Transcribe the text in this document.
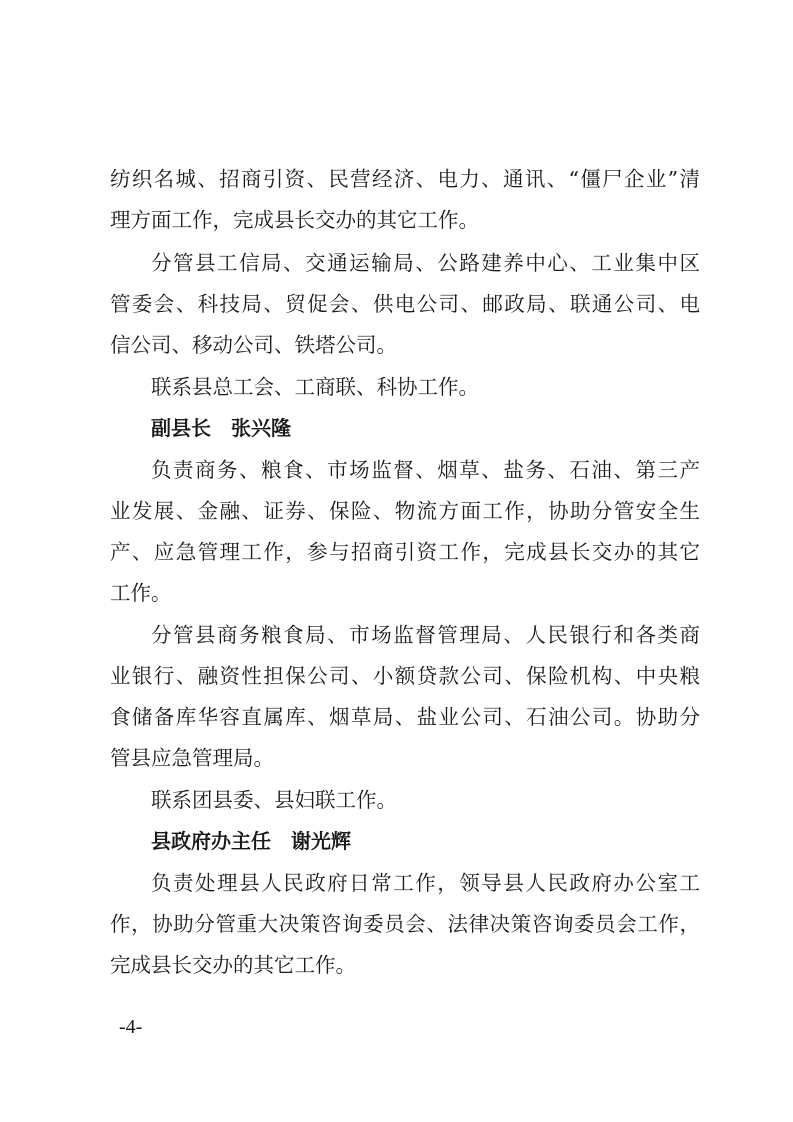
纺织名城、招商引资、民营经济、电力、通讯、“僵尸企业”清
理方面工作，完成县长交办的其它工作。
分管县工信局、交通运输局、公路建养中心、工业集中区
管委会、科技局、贸促会、供电公司、邮政局、联通公司、电
信公司、移动公司、铁塔公司。
联系县总工会、工商联、科协工作。
副县长　张兴隆
负责商务、粮食、市场监督、烟草、盐务、石油、第三产
业发展、金融、证券、保险、物流方面工作，协助分管安全生
产、应急管理工作，参与招商引资工作，完成县长交办的其它
工作。
分管县商务粮食局、市场监督管理局、人民银行和各类商
业银行、融资性担保公司、小额贷款公司、保险机构、中央粮
食储备库华容直属库、烟草局、盐业公司、石油公司。协助分
管县应急管理局。
联系团县委、县妇联工作。
县政府办主任　谢光辉
负责处理县人民政府日常工作，领导县人民政府办公室工
作，协助分管重大决策咨询委员会、法律决策咨询委员会工作，
完成县长交办的其它工作。
-4-
